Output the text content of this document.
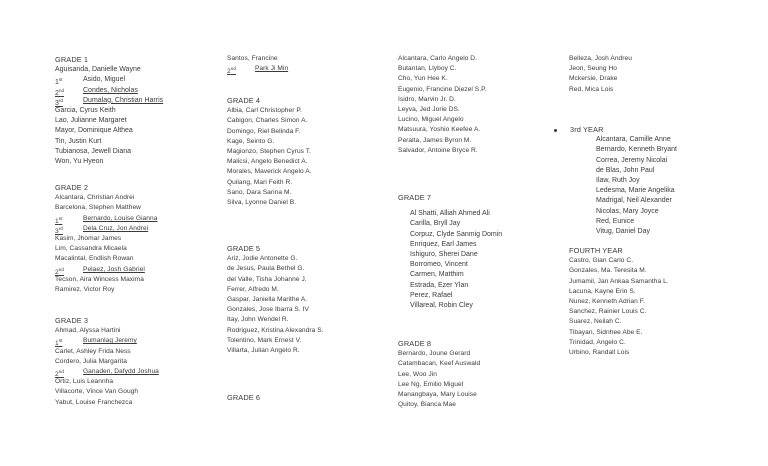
GRADE 1
Aguisanda, Danielle Wayne
1st	Asido, Miguel
2nd	Condes, Nicholas
3rd	Dumalag, Christian Harris
Garcia, Cyrus Keith
Lao, Julianne Margaret
Mayor, Dominique Althea
Tin, Justin Kurt
Tubianosa, Jewell Diana
Won, Yu Hyeon
GRADE 2
Alcantara, Christian Andrei
Barcelona, Stephen Matthew
1st	Bernardo, Louise Gianna
3rd	Dela Cruz, Jon Andrei
Kasim, Jhomar James
Lim, Cassandra Micaela
Macalintal, Endlish Rowan
2nd	Pelaez, Josh Gabriel
Tecson, Aira Wincess Maxima
Ramirez, Victor Roy
GRADE 3
Ahmad, Alyssa Hartini
1st	Bumanlag Jeremy
Carlet, Ashley Frida Ness
Cordero, Julia Margarita
2nd	Ganaden, Dafydd Joshua
Ortiz, Luis Leannha
Villacorte, Vince Van Gough
Yabut, Louise Franchezca
Santos, Francine
2nd	Park Ji Min
GRADE 4
Albia, Carl Christopher P.
Cabigon, Charles Simon A.
Domingo, Riel Belinda F.
Kage, Seinto G.
Magionzo, Stephen Cyrus T.
Malicsi, Angelo Benedict A.
Morales, Maverick Angelo A.
Quilang, Mari Feith R.
Sano, Dara Sarina M.
Silva, Lyonne Daniel B.
GRADE 5
Ariz, Jodie Antonette G.
de Jesus, Paula Bethel G.
del Valle, Tisha Johanne J.
Ferrer, Alfredo M.
Gaspar, Janiella Marithe A.
Gonzales, Jose Ibarra S. IV
Itay, John Wendel R.
Rodriguez, Kristina Alexandra S.
Tolentino, Mark Ernest V.
Villarta, Julian Angelo R.
GRADE 6
Alcantara, Carlo Angelo D.
Butantan, Llyboy C.
Cho, Yun Hee K.
Eugenio, Francine Diezel S.P.
Isidro, Marvin Jr. D.
Leyva, Jed Jorie DS.
Lucino, Miguel Angelo
Matsuura, Yoshio Keefee A.
Peralta, James Byron M.
Salvador, Antoine Bryce R.
GRADE 7
Al Shatti, Alliah Ahmed Ali
Carilla, Bryll Jay
Corpuz, Clyde Sanmig Domin
Enriquez, Earl James
Ishiguro, Sherei Dane
Borromeo, Vincent
Carmen, Matthim
Estrada, Ezer Ylan
Perez, Rafael
Villareal, Robin Cley
GRADE 8
Bernardo, Joune Gerard
Catambacan, Keef Auswald
Lee, Woo Jin
Lee Ng, Emilio Miguel
Manangbaya, Mary Louise
Quitoy, Bianca Mae
Belleza, Josh Andreu
Jeon, Seung Ho
Mckersie, Drake
Red, Mica Lois
3rd YEAR
Alcantara, Camille Anne
Bernardo, Kenneth Bryant
Correa, Jeremy Nicolai
de Blas, John Paul
Ilaw, Ruth Joy
Ledesma, Marie Angelika
Madrigal, Neil Alexander
Nicolas, Mary Joyce
Red, Eunice
Vitug, Daniel Day
FOURTH YEAR
Castro, Gian Carlo C.
Gonzales, Ma. Teresita M.
Jumamil, Jan Ankaa Samantha L.
Lacuna, Kayne Erin S.
Nunez, Kenneth Adrian F.
Sanchez, Rainier Louis C.
Suarez, Neilah C.
Tibayan, Sidnhee Abe E.
Trinidad, Angelo C.
Urbino, Randall Lois
